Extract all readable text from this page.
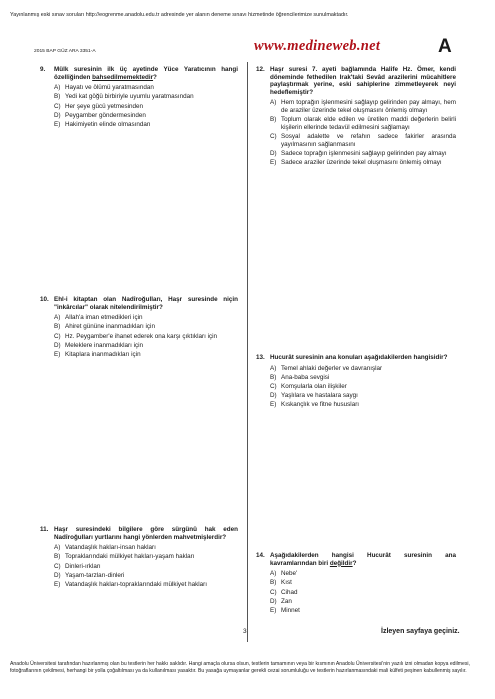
Yayınlanmış eski sınav soruları http://eogrenme.anadolu.edu.tr adresinde yer alanın deneme sınavı hizmetinde öğrencilerimize sunulmaktadır.
2015 BAP GÜZ ARA 3351-A	www.medineweb.net	A
9.	Mülk suresinin ilk üç ayetinde Yüce Yaratıcının hangi özelliğinden bahsedilmemektedir?
A) Hayatı ve ölümü yaratmasından
B) Yedi kat göğü birbiriyle uyumlu yaratmasından
C) Her şeye gücü yetmesinden
D) Peygamber göndermesinden
E) Hakimiyetin elinde olmasından
10. Ehl-i kitaptan olan Nadîroğulları, Haşr suresinde niçin "inkârcılar" olarak nitelendirilmiştir?
A) Allah'a iman etmedikleri için
B) Ahiret gününe inanmadıkları için
C) Hz. Peygamber'e ihanet ederek ona karşı çıktıkları için
D) Meleklere inanmadıkları için
E) Kitaplara inanmadıkları için
11. Haşr suresindeki bilgilere göre sürgünü hak eden Nadîroğulları yurtlarını hangi yönlerden mahvetmişlerdir?
A) Vatandaşlık hakları-insan hakları
B) Topraklarındaki mülkiyet hakları-yaşam hakları
C) Dinleri-ırkları
D) Yaşam-tarzları-dinleri
E) Vatandaşlık hakları-topraklarındaki mülkiyet hakları
12. Haşr suresi 7. ayeti bağlamında Halife Hz. Ömer, kendi döneminde fethedilen Irak'taki Sevâd arazilerini mücahitlere paylaştırmak yerine, eski sahiplerine zimmetleyerek neyi hedeflemiştir?
A) Hem toprağın işlenmesini sağlayıp gelirinden pay almayı, hem de araziler üzerinde tekel oluşmasını önlemiş olmayı
B) Toplum olarak elde edilen ve üretilen maddi değerlerin belirli kişilerin ellerinde tedavül edilmesini sağlamayı
C) Sosyal adalette ve refahın sadece fakirler arasında yayılmasının sağlanmasını
D) Sadece toprağın işlenmesini sağlayıp gelirinden pay almayı
E) Sadece araziler üzerinde tekel oluşmasını önlemiş olmayı
13. Hucurât suresinin ana konuları aşağıdakilerden hangisidir?
A) Temel ahlaki değerler ve davranışlar
B) Ana-baba sevgisi
C) Komşularla olan ilişkiler
D) Yaşlılara ve hastalara saygı
E) Kıskançlık ve fitne hususları
14. Aşağıdakilerden hangisi Hucurât suresinin ana kavramlarından biri değildir?
A) Nebe'
B) Kıst
C) Cihad
D) Zan
E) Minnet
3	İzleyen sayfaya geçiniz.
Anadolu Üniversitesi tarafından hazırlanmış olan bu testlerin her hakkı saklıdır. Hangi amaçla olursa olsun, testlerin tamamının veya bir kısmının Anadolu Üniversitesi'nin yazılı izni olmadan kopya edilmesi, fotoğraflarının çekilmesi, herhangi bir yolla çoğaltılması ya da kullanılması yasaktır. Bu yasağa uymayanlar gerekli cezai sorumluluğu ve testlerin hazırlanmasındaki mali külfeti peşinen kabullenmiş sayılır.
